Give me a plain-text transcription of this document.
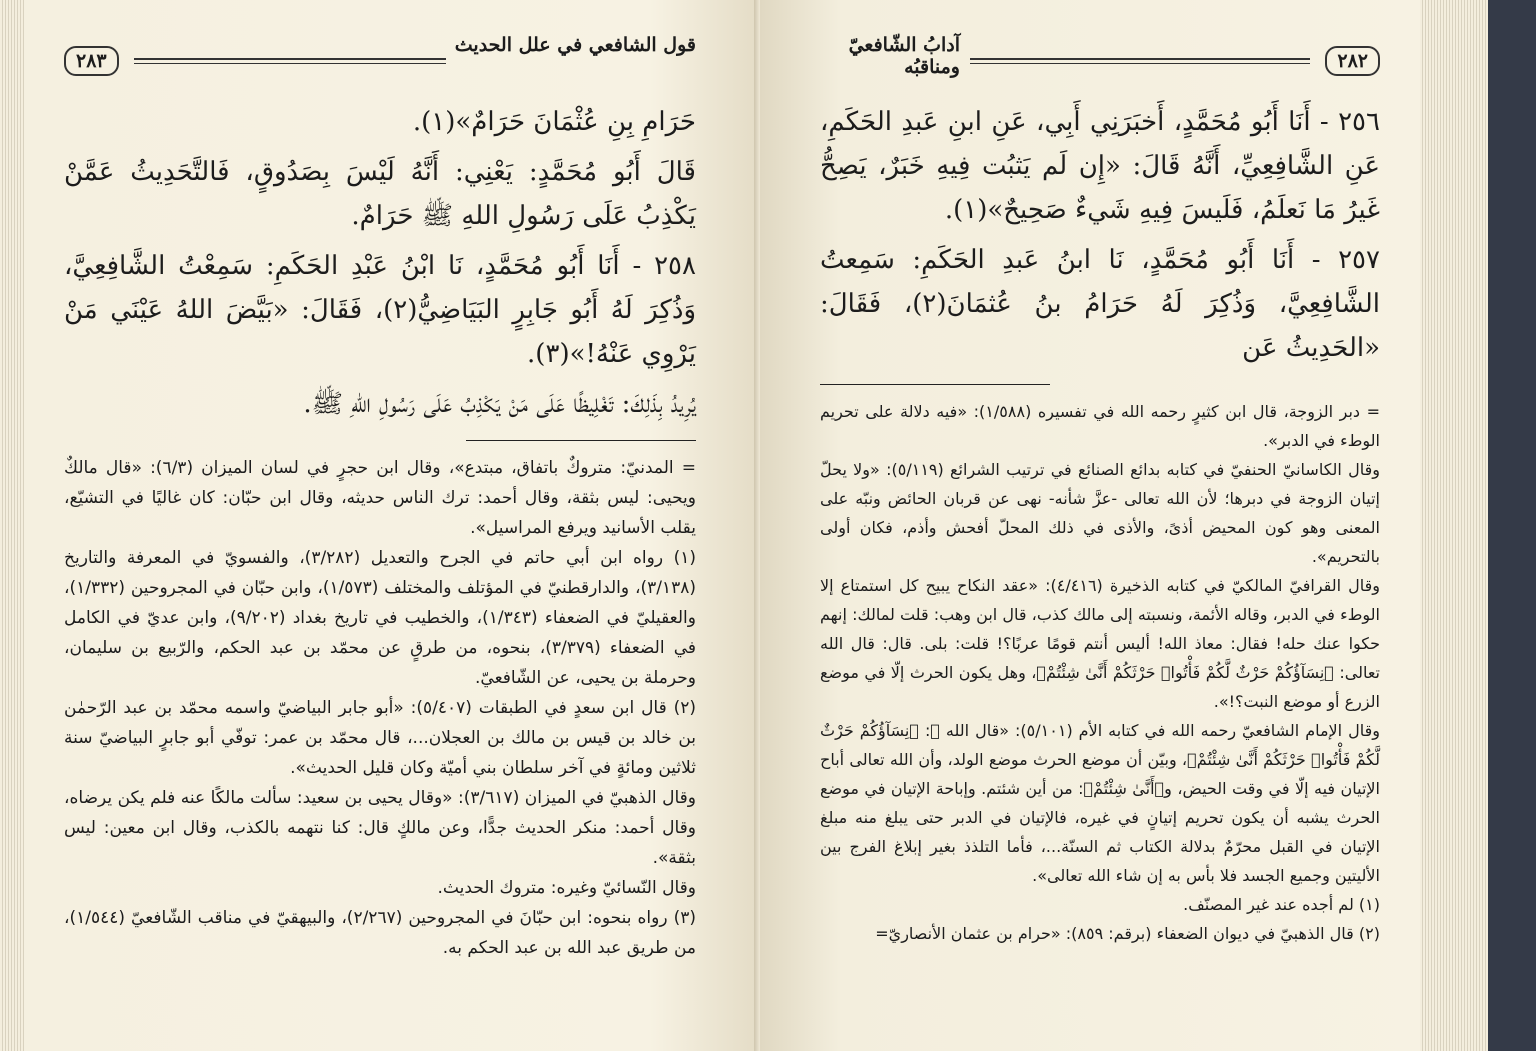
قول الشافعي في علل الحديث
٢٨٣

حَرَامِ بِنِ عُثْمَانَ حَرَامٌ»(١).

قَالَ أَبُو مُحَمَّدٍ: يَعْنِي: أَنَّهُ لَيْسَ بِصَدُوقٍ، فَالتَّحَدِيثُ عَمَّنْ يَكْذِبُ عَلَى رَسُولِ اللهِ ﷺ حَرَامٌ.

٢٥٨ - أَنَا أَبُو مُحَمَّدٍ، نَا ابْنُ عَبْدِ الحَكَمِ: سَمِعْتُ الشَّافِعِيَّ، وَذُكِرَ لَهُ أَبُو جَابِرٍ البَيَاضِيُّ(٢)، فَقَالَ: «بَيَّضَ اللهُ عَيْنَي مَنْ يَرْوِي عَنْهُ!»(٣).

يُرِيدُ بِذَلِكَ: تَغْلِيظًا عَلَى مَنْ يَكْذِبُ عَلَى رَسُولِ اللهِ ﷺ.

= المدنيّ: متروكٌ باتفاق، مبتدع»، وقال ابن حجرٍ في لسان الميزان (٦/٣): «قال مالكٌ ويحيى: ليس بثقة، وقال أحمد: ترك الناس حديثه، وقال ابن حبّان: كان غاليًا في التشيّع، يقلب الأسانيد ويرفع المراسيل».

(١) رواه ابن أبي حاتم في الجرح والتعديل (٣/٢٨٢)، والفسويّ في المعرفة والتاريخ (٣/١٣٨)، والدارقطنيّ في المؤتلف والمختلف (١/٥٧٣)، وابن حبّان في المجروحين (١/٣٣٢)، والعقيليّ في الضعفاء (١/٣٤٣)، والخطيب في تاريخ بغداد (٩/٢٠٢)، وابن عديّ في الكامل في الضعفاء (٣/٣٧٩)، بنحوه، من طرقٍ عن محمّد بن عبد الحكم، والرّبيع بن سليمان، وحرملة بن يحيى، عن الشّافعيّ.

(٢) قال ابن سعدٍ في الطبقات (٥/٤٠٧): «أبو جابر البياضيّ واسمه محمّد بن عبد الرّحمٰن بن خالد بن قيس بن مالك بن العجلان...، قال محمّد بن عمر: توفّي أبو جابرٍ البياضيّ سنة ثلاثين ومائةٍ في آخر سلطان بني أميّة وكان قليل الحديث».

وقال الذهبيّ في الميزان (٣/٦١٧): «وقال يحيى بن سعيد: سألت مالكًا عنه فلم يكن يرضاه، وقال أحمد: منكر الحديث جدًّا، وعن مالكٍ قال: كنا نتهمه بالكذب، وقال ابن معين: ليس بثقة».

وقال النّسائيّ وغيره: متروك الحديث.

(٣) رواه بنحوه: ابن حبّانَ في المجروحين (٢/٢٦٧)، والبيهقيّ في مناقب الشّافعيّ (١/٥٤٤)، من طريق عبد الله بن عبد الحكم به.

آدابُ الشّافعيّ ومناقبُه	٢٨٢

٢٥٦ - أَنَا أَبُو مُحَمَّدٍ، أَخبَرَنِي أَبِي، عَنِ ابنِ عَبدِ الحَكَمِ، عَنِ الشَّافِعِيِّ، أَنَّهُ قَالَ: «إِن لَم يَثبُت فِيهِ خَبَرٌ، يَصِحُّ غَيرُ مَا نَعلَمُ، فَلَيسَ فِيهِ شَيءٌ صَحِيحٌ»(١).

٢٥٧ - أَنَا أَبُو مُحَمَّدٍ، نَا ابنُ عَبدِ الحَكَمِ: سَمِعتُ الشَّافِعِيَّ، وَذُكِرَ لَهُ حَرَامُ بنُ عُثمَانَ(٢)، فَقَالَ: «الحَدِيثُ عَن

= دبر الزوجة، قال ابن كثيرٍ رحمه الله في تفسيره (١/٥٨٨): «فيه دلالة على تحريم الوطء في الدبر».

وقال الكاسانيّ الحنفيّ في كتابه بدائع الصنائع في ترتيب الشرائع (٥/١١٩): «ولا يحلّ إتيان الزوجة في دبرها؛ لأن الله تعالى -عزَّ شأنه- نهى عن قربان الحائض ونبّه على المعنى وهو كون المحيض أذىً، والأذى في ذلك المحلّ أفحش وأذم، فكان أولى بالتحريم».

وقال القرافيّ المالكيّ في كتابه الذخيرة (٤/٤١٦): «عقد النكاح يبيح كل استمتاع إلا الوطء في الدبر، وقاله الأئمة، ونسبته إلى مالك كذب، قال ابن وهب: قلت لمالك: إنهم حكوا عنك حله! فقال: معاذ الله! أليس أنتم قومًا عربًا؟! قلت: بلى. قال: قال الله تعالى: ﴿نِسَآؤُكُمْ حَرْثٌ لَّكُمْ فَأْتُوا۟ حَرْثَكُمْ أَنَّىٰ شِئْتُمْ﴾، وهل يكون الحرث إلّا في موضع الزرع أو موضع النبت؟!».

وقال الإمام الشافعيّ رحمه الله في كتابه الأم (٥/١٠١): «قال الله ﷻ: ﴿نِسَآؤُكُمْ حَرْثٌ لَّكُمْ فَأْتُوا۟ حَرْثَكُمْ أَنَّىٰ شِئْتُمْ﴾، وبيّن أن موضع الحرث موضع الولد، وأن الله تعالى أباح الإتيان فيه إلّا في وقت الحيض، و﴿أَنَّىٰ شِئْتُمْ﴾: من أين شئتم. وإباحة الإتيان في موضع الحرث يشبه أن يكون تحريم إتيانٍ في غيره، فالإتيان في الدبر حتى يبلغ منه مبلغ الإتيان في القبل محرّمٌ بدلالة الكتاب ثم السنّة...، فأما التلذذ بغير إبلاغ الفرج بين الأليتين وجميع الجسد فلا بأس به إن شاء الله تعالى».

(١) لم أجده عند غير المصنّف.

(٢) قال الذهبيّ في ديوان الضعفاء (برقم: ٨٥٩): «حرام بن عثمان الأنصاريّ=
